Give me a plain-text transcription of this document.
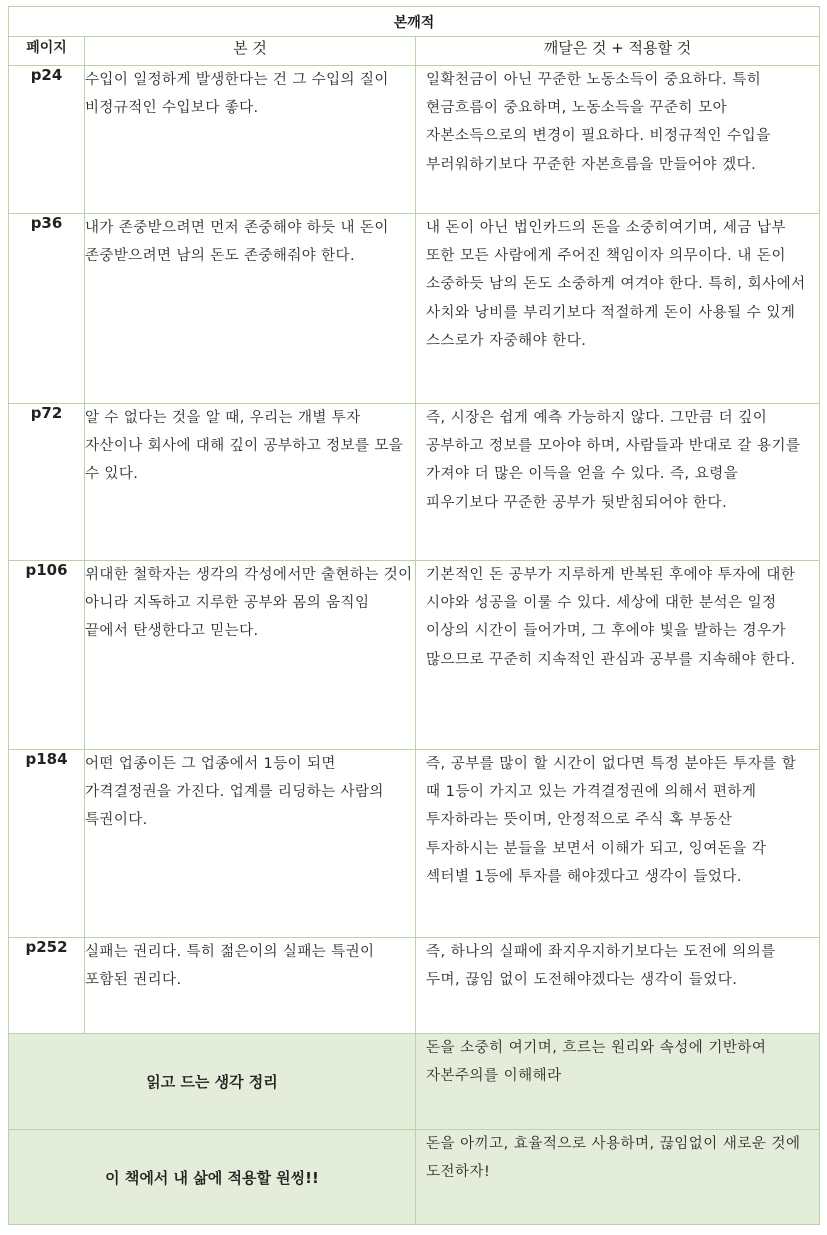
본깨적		
페이지	본 것	깨달은 것 + 적용할 것
p24	수입이 일정하게 발생한다는 건 그 수입의 질이 비정규적인 수입보다 좋다.	일확천금이 아닌 꾸준한 노동소득이 중요하다. 특히 현금흐름이 중요하며, 노동소득을 꾸준히 모아 자본소득으로의 변경이 필요하다. 비정규적인 수입을 부러워하기보다 꾸준한 자본흐름을 만들어야 겠다.
p36	내가 존중받으려면 먼저 존중해야 하듯 내 돈이 존중받으려면 남의 돈도 존중해줘야 한다.	내 돈이 아닌 법인카드의 돈을 소중히여기며, 세금 납부 또한 모든 사람에게 주어진 책임이자 의무이다. 내 돈이 소중하듯 남의 돈도 소중하게 여겨야 한다. 특히, 회사에서 사치와 낭비를 부리기보다 적절하게 돈이 사용될 수 있게 스스로가 자중해야 한다.
p72	알 수 없다는 것을 알 때, 우리는 개별 투자 자산이나 회사에 대해 깊이 공부하고 정보를 모을 수 있다.	즉, 시장은 쉽게 예측 가능하지 않다. 그만큼 더 깊이 공부하고 정보를 모아야 하며, 사람들과 반대로 갈 용기를 가져야 더 많은 이득을 얻을 수 있다. 즉, 요령을 피우기보다 꾸준한 공부가 뒷받침되어야 한다.
p106	위대한 철학자는 생각의 각성에서만 출현하는 것이 아니라 지독하고 지루한 공부와 몸의 움직임 끝에서 탄생한다고 믿는다.	기본적인 돈 공부가 지루하게 반복된 후에야 투자에 대한 시야와 성공을 이룰 수 있다. 세상에 대한 분석은 일정 이상의 시간이 들어가며, 그 후에야 빛을 발하는 경우가 많으므로 꾸준히 지속적인 관심과 공부를 지속해야 한다.
p184	어떤 업종이든 그 업종에서 1등이 되면 가격결정권을 가진다. 업계를 리딩하는 사람의 특권이다.	즉, 공부를 많이 할 시간이 없다면 특정 분야든 투자를 할 때 1등이 가지고 있는 가격결정권에 의해서 편하게 투자하라는 뜻이며, 안정적으로 주식 혹 부동산 투자하시는 분들을 보면서 이해가 되고, 잉여돈을 각 섹터별 1등에 투자를 해야겠다고 생각이 들었다.
p252	실패는 권리다. 특히 젊은이의 실패는 특권이 포함된 권리다.	즉, 하나의 실패에 좌지우지하기보다는 도전에 의의를 두며, 끊임 없이 도전해야겠다는 생각이 들었다.
읽고 드는 생각 정리		돈을 소중히 여기며, 흐르는 원리와 속성에 기반하여 자본주의를 이해해라
이 책에서 내 삶에 적용할 원씽!!		돈을 아끼고, 효율적으로 사용하며, 끊임없이 새로운 것에 도전하자!
